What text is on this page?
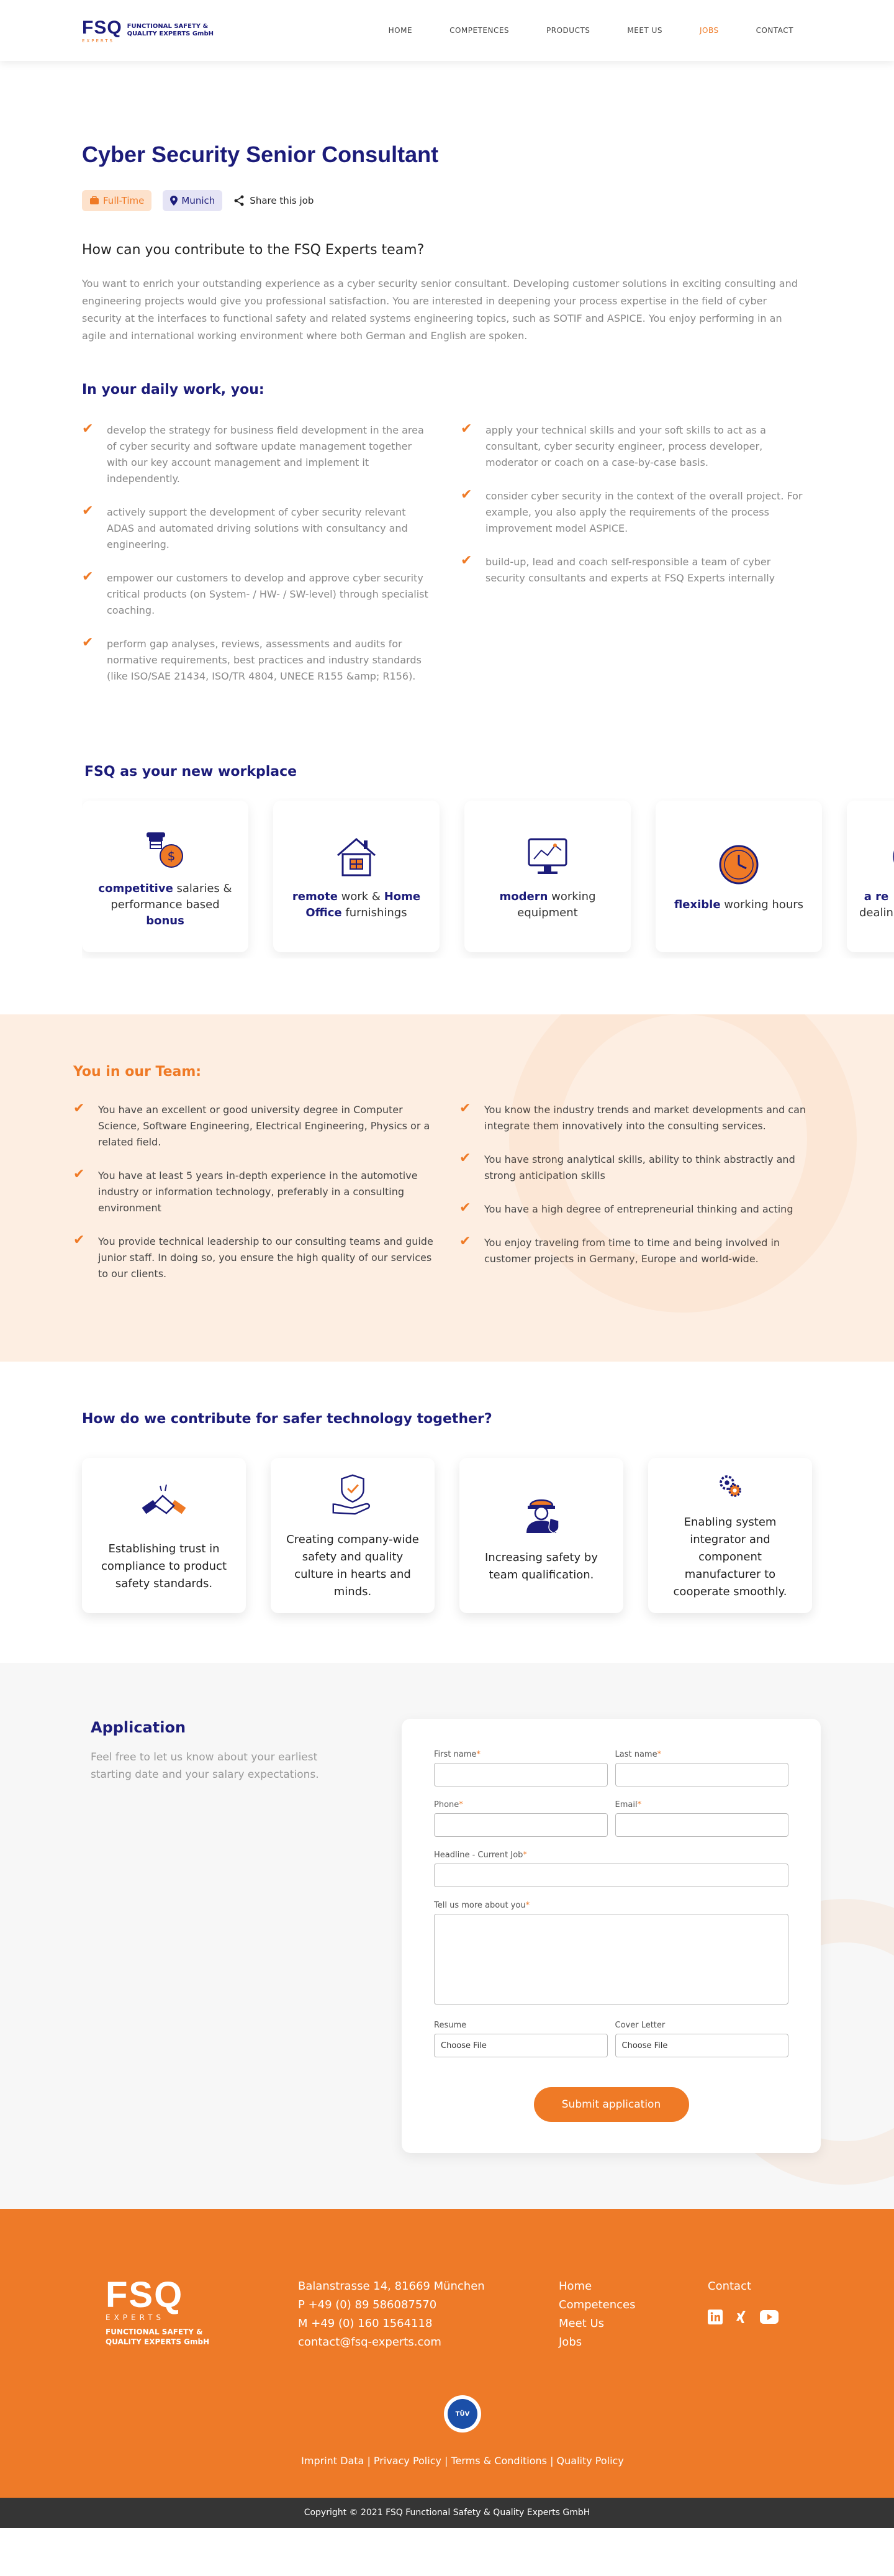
FSQ
EXPERTS
FUNCTIONAL SAFETY &
QUALITY EXPERTS GmbH	HOME	COMPETENCES	PRODUCTS	MEET US	JOBS	CONTACT
Cyber Security Senior Consultant
Full-Time	Munich	Share this job
How can you contribute to the FSQ Experts team?

You want to enrich your outstanding experience as a cyber security senior consultant. Developing customer solutions in exciting consulting and engineering projects would give you professional satisfaction. You are interested in deepening your process expertise in the field of cyber security at the interfaces to functional safety and related systems engineering topics, such as SOTIF and ASPICE. You enjoy performing in an agile and international working environment where both German and English are spoken.

In your daily work, you:
✔ develop the strategy for business field development in the area of cyber security and software update management together with our key account management and implement it independently.

✔ actively support the development of cyber security relevant ADAS and automated driving solutions with consultancy and engineering.

✔ empower our customers to develop and approve cyber security critical products (on System- / HW- / SW-level) through specialist coaching.

✔ perform gap analyses, reviews, assessments and audits for normative requirements, best practices and industry standards (like ISO/SAE 21434, ISO/TR 4804, UNECE R155 &amp; R156).

✔ apply your technical skills and your soft skills to act as a consultant, cyber security engineer, process developer, moderator or coach on a case-by-case basis.

✔ consider cyber security in the context of the overall project. For example, you also apply the requirements of the process improvement model ASPICE.

✔ build-up, lead and coach self-responsible a team of cyber security consultants and experts at FSQ Experts internally

FSQ as your new workplace
$

competitive salaries & performance based bonus

remote work & Home Office furnishings

modern working equipment

flexible working hours

a re
dealin

You in our Team:
✔ You have an excellent or good university degree in Computer Science, Software Engineering, Electrical Engineering, Physics or a related field.

✔ You have at least 5 years in-depth experience in the automotive industry or information technology, preferably in a consulting environment

✔ You provide technical leadership to our consulting teams and guide junior staff. In doing so, you ensure the high quality of our services to our clients.

✔ You know the industry trends and market developments and can integrate them innovatively into the consulting services.

✔ You have strong analytical skills, ability to think abstractly and strong anticipation skills

✔ You have a high degree of entrepreneurial thinking and acting

✔ You enjoy traveling from time to time and being involved in customer projects in Germany, Europe and world-wide.

How do we contribute for safer technology together?

Establishing trust in compliance to product safety standards.

Creating company-wide safety and quality culture in hearts and minds.

Increasing safety by team qualification.

Enabling system integrator and component manufacturer to cooperate smoothly.

Application

Feel free to let us know about your earliest starting date and your salary expectations.

First name*	Last name*
Phone*	Email*
Headline - Current Job*
Tell us more about you*
Resume
Choose File
Cover Letter
Choose File
Submit application
FSQ
EXPERTS
FUNCTIONAL SAFETY &
QUALITY EXPERTS GmbH
Balanstrasse 14, 81669 München
P +49 (0) 89 586087570
M +49 (0) 160 1564118
contact@fsq-experts.com
Home
Competences
Meet Us
Jobs
Contact
TÜV
Imprint Data | Privacy Policy | Terms & Conditions | Quality Policy
Copyright © 2021 FSQ Functional Safety & Quality Experts GmbH
